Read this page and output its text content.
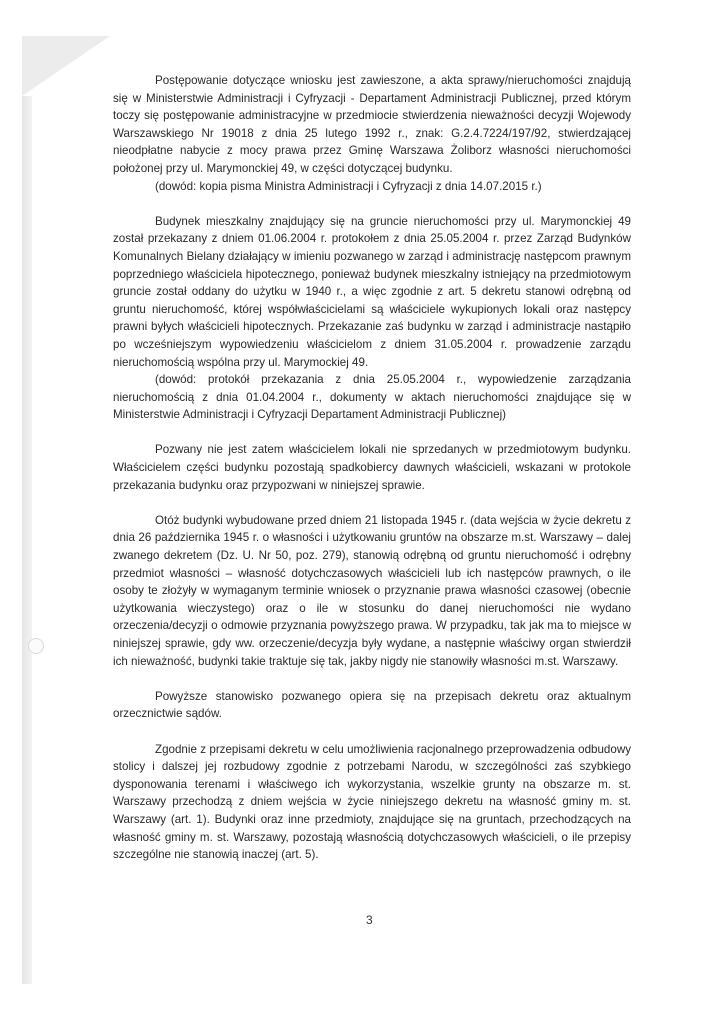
Postępowanie dotyczące wniosku jest zawieszone, a akta sprawy/nieruchomości znajdują się w Ministerstwie Administracji i Cyfryzacji - Departament Administracji Publicznej, przed którym toczy się postępowanie administracyjne w przedmiocie stwierdzenia nieważności decyzji Wojewody Warszawskiego Nr 19018 z dnia 25 lutego 1992 r., znak: G.2.4.7224/197/92, stwierdzającej nieodpłatne nabycie z mocy prawa przez Gminę Warszawa Żoliborz własności nieruchomości położonej przy ul. Marymonckiej 49, w części dotyczącej budynku.

(dowód: kopia pisma Ministra Administracji i Cyfryzacji z dnia 14.07.2015 r.)

Budynek mieszkalny znajdujący się na gruncie nieruchomości przy ul. Marymonckiej 49 został przekazany z dniem 01.06.2004 r. protokołem z dnia 25.05.2004 r. przez Zarząd Budynków Komunalnych Bielany działający w imieniu pozwanego w zarząd i administrację następcom prawnym poprzedniego właściciela hipotecznego, ponieważ budynek mieszkalny istniejący na przedmiotowym gruncie został oddany do użytku w 1940 r., a więc zgodnie z art. 5 dekretu stanowi odrębną od gruntu nieruchomość, której współwłaścicielami są właściciele wykupionych lokali oraz następcy prawni byłych właścicieli hipotecznych. Przekazanie zaś budynku w zarząd i administracje nastąpiło po wcześniejszym wypowiedzeniu właścicielom z dniem 31.05.2004 r. prowadzenie zarządu nieruchomością wspólna przy ul. Marymockiej 49.

(dowód: protokół przekazania z dnia 25.05.2004 r., wypowiedzenie zarządzania nieruchomością z dnia 01.04.2004 r., dokumenty w aktach nieruchomości znajdujące się w Ministerstwie Administracji i Cyfryzacji Departament Administracji Publicznej)

Pozwany nie jest zatem właścicielem lokali nie sprzedanych w przedmiotowym budynku. Właścicielem części budynku pozostają spadkobiercy dawnych właścicieli, wskazani w protokole przekazania budynku oraz przypozwani w niniejszej sprawie.

Otóż budynki wybudowane przed dniem 21 listopada 1945 r. (data wejścia w życie dekretu z dnia 26 października 1945 r. o własności i użytkowaniu gruntów na obszarze m.st. Warszawy – dalej zwanego dekretem (Dz. U. Nr 50, poz. 279), stanowią odrębną od gruntu nieruchomość i odrębny przedmiot własności – własność dotychczasowych właścicieli lub ich następców prawnych, o ile osoby te złożyły w wymaganym terminie wniosek o przyznanie prawa własności czasowej (obecnie użytkowania wieczystego) oraz o ile w stosunku do danej nieruchomości nie wydano orzeczenia/decyzji o odmowie przyznania powyższego prawa. W przypadku, tak jak ma to miejsce w niniejszej sprawie, gdy ww. orzeczenie/decyzja były wydane, a następnie właściwy organ stwierdził ich nieważność, budynki takie traktuje się tak, jakby nigdy nie stanowiły własności m.st. Warszawy.

Powyższe stanowisko pozwanego opiera się na przepisach dekretu oraz aktualnym orzecznictwie sądów.

Zgodnie z przepisami dekretu w celu umożliwienia racjonalnego przeprowadzenia odbudowy stolicy i dalszej jej rozbudowy zgodnie z potrzebami Narodu, w szczególności zaś szybkiego dysponowania terenami i właściwego ich wykorzystania, wszelkie grunty na obszarze m. st. Warszawy przechodzą z dniem wejścia w życie niniejszego dekretu na własność gminy m. st. Warszawy (art. 1). Budynki oraz inne przedmioty, znajdujące się na gruntach, przechodzących na własność gminy m. st. Warszawy, pozostają własnością dotychczasowych właścicieli, o ile przepisy szczególne nie stanowią inaczej (art. 5).

3
